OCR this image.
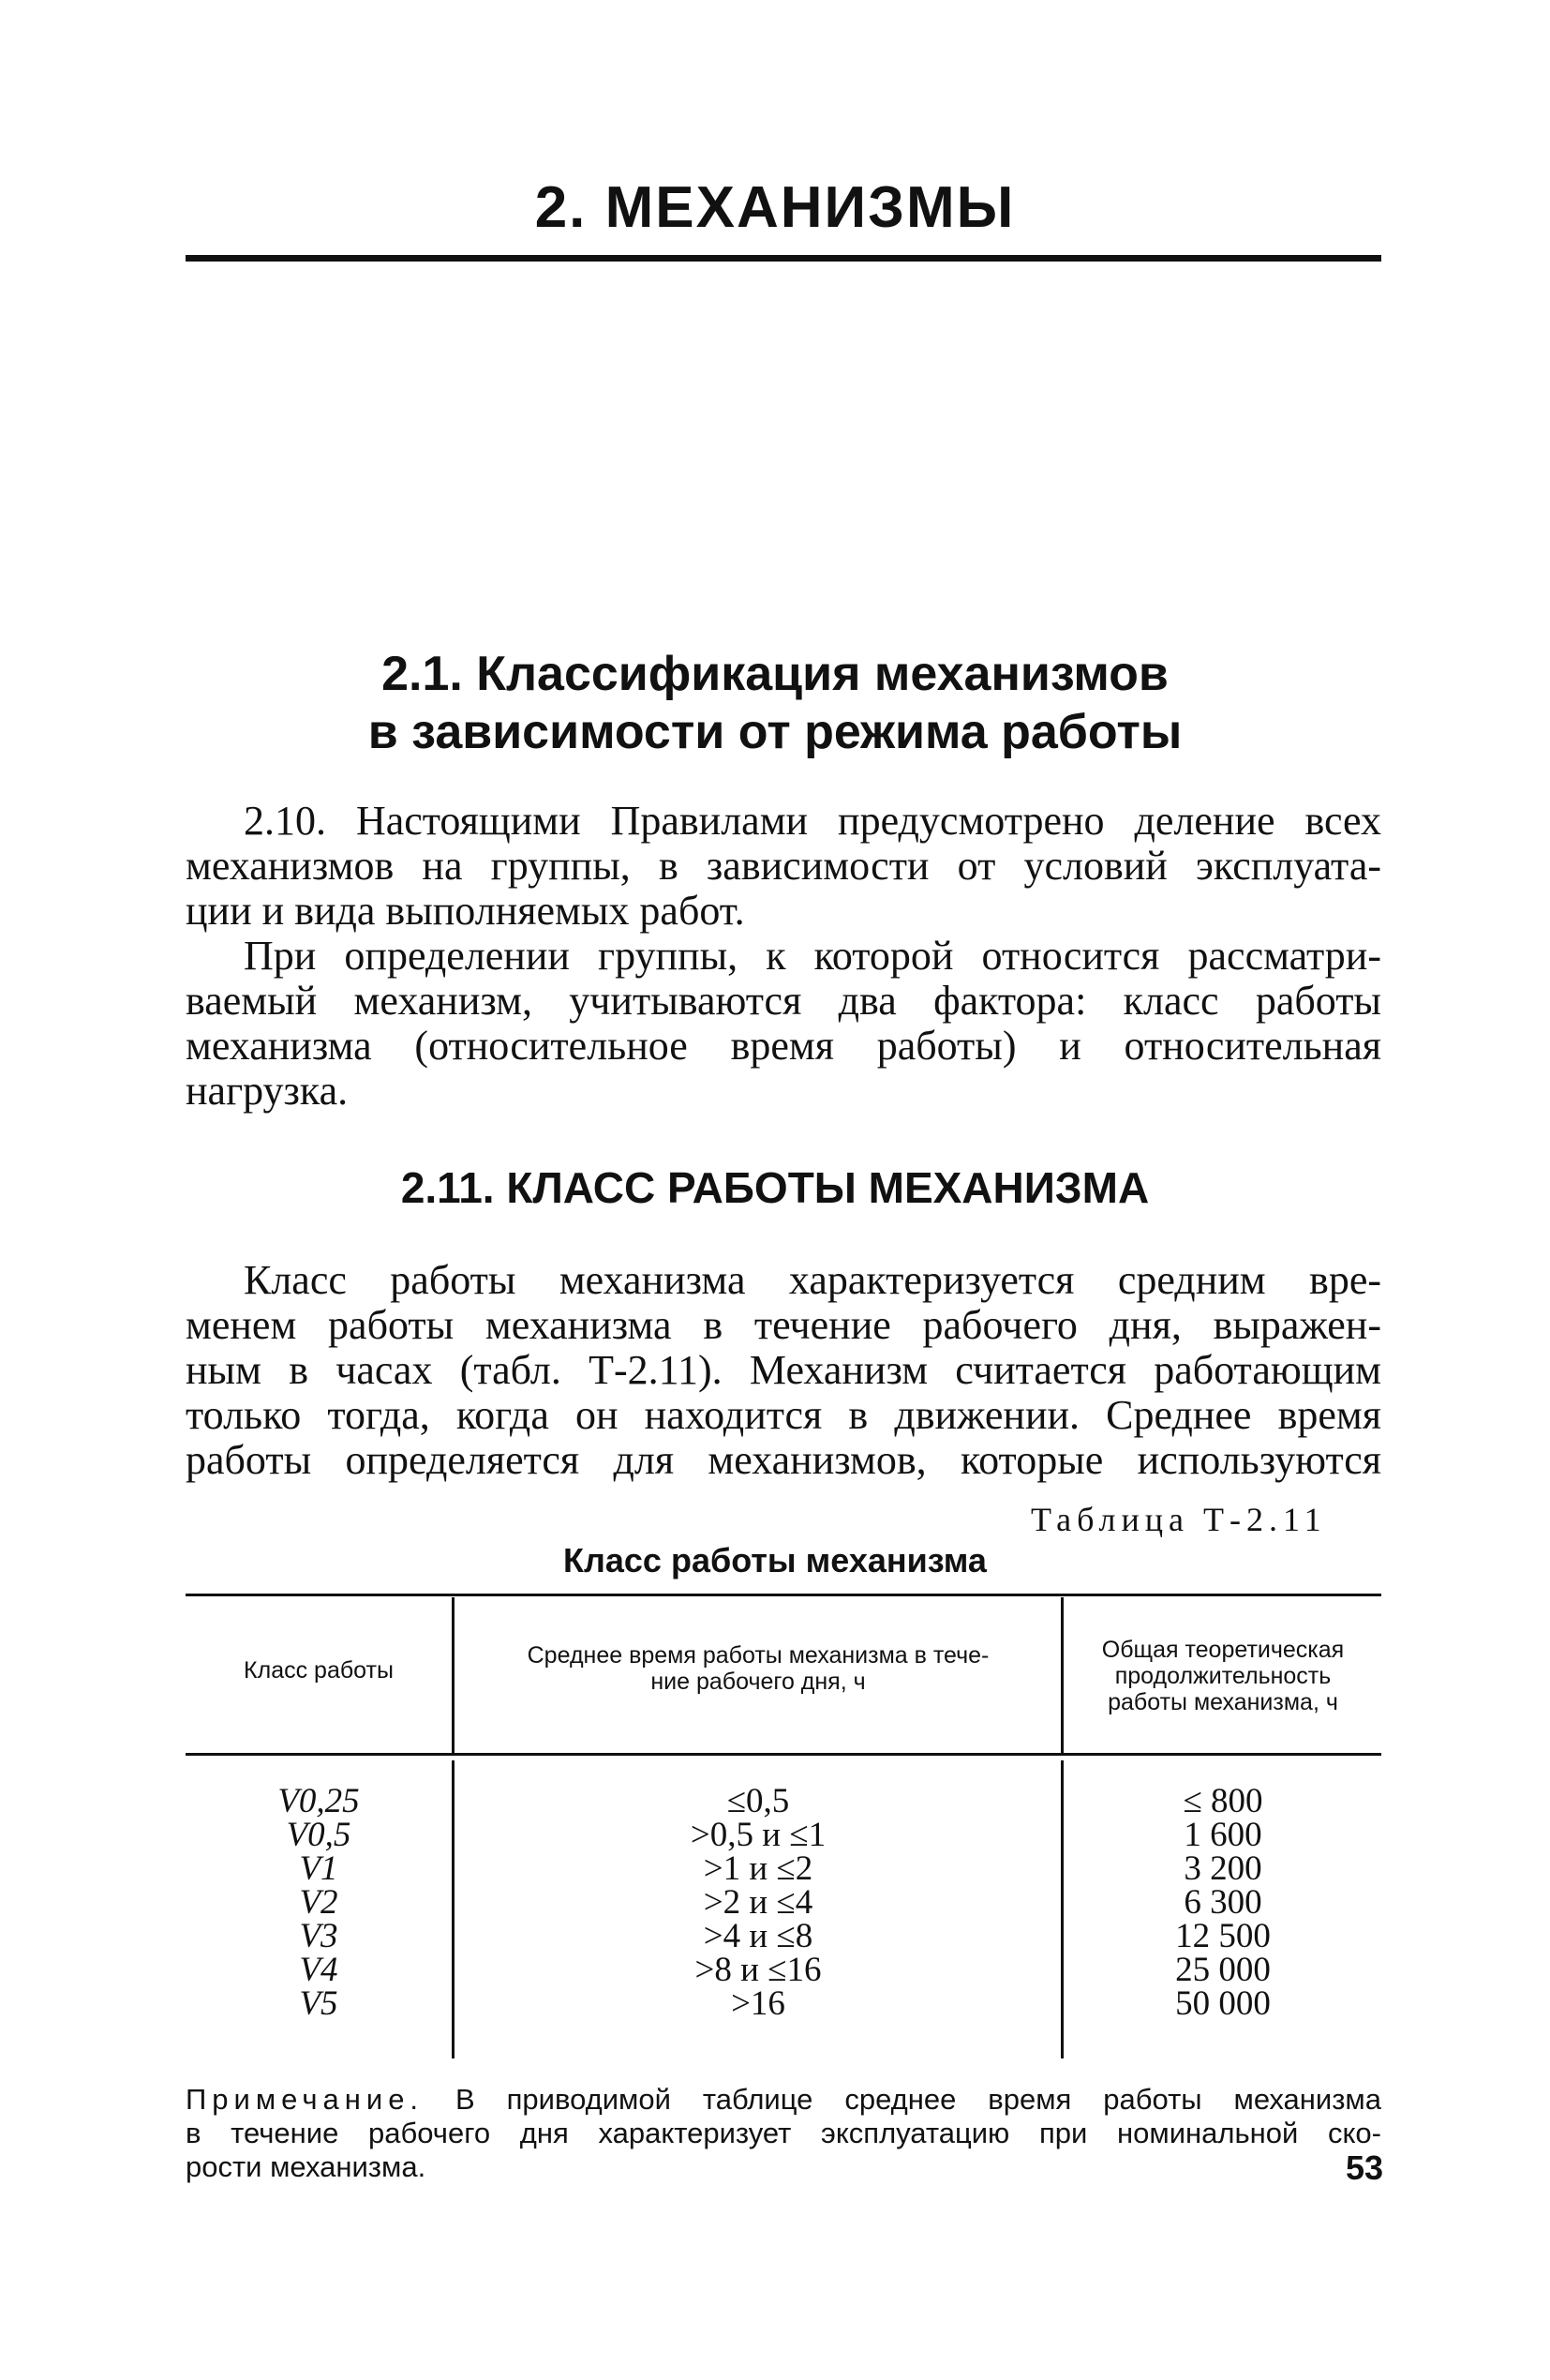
2. МЕХАНИЗМЫ
2.1. Классификация механизмов
в зависимости от режима работы
2.10. Настоящими Правилами предусмотрено деление всех
механизмов на группы, в зависимости от условий эксплуата-
ции и вида выполняемых работ.
При определении группы, к которой относится рассматри-
ваемый механизм, учитываются два фактора: класс работы
механизма (относительное время работы) и относительная
нагрузка.
2.11. КЛАСС РАБОТЫ МЕХАНИЗМА
Класс работы механизма характеризуется средним вре-
менем работы механизма в течение рабочего дня, выражен-
ным в часах (табл. Т-2.11). Механизм считается работающим
только тогда, когда он находится в движении. Среднее время
работы определяется для механизмов, которые используются
Таблица Т-2.11
Класс работы механизма
Класс работы
Среднее время работы механизма в тече-
ние рабочего дня, ч
Общая теоретическая
продолжительность
работы механизма, ч
V0,25
V0,5
V1
V2
V3
V4
V5
≤0,5
>0,5 и ≤1
>1 и ≤2
>2 и ≤4
>4 и ≤8
>8 и ≤16
>16
≤ 800
1 600
3 200
6 300
12 500
25 000
50 000
Примечание. В приводимой таблице среднее время работы механизма
в течение рабочего дня характеризует эксплуатацию при номинальной ско-
рости механизма.	53
